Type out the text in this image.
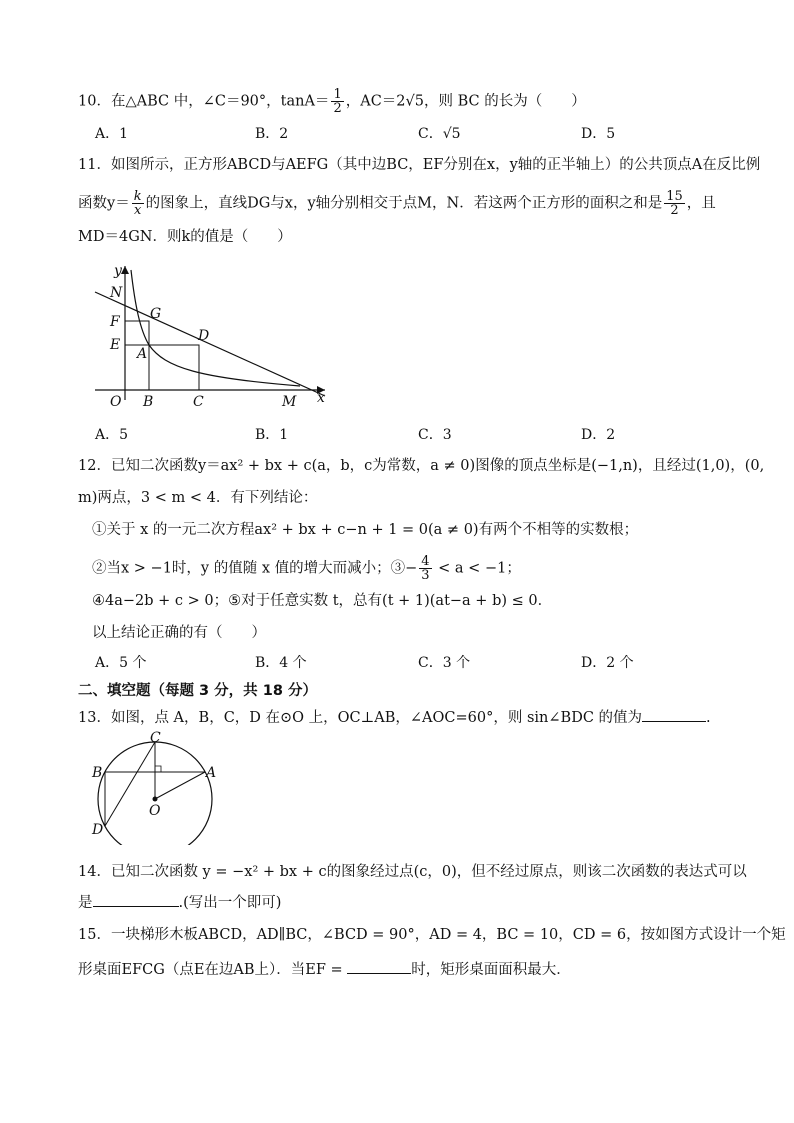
10．在△ABC 中，∠C＝90°，$\tan A= \frac{1}{2}$ ，AC＝2√5，则 BC 的长为（　　）
A．1	B．2	C．√5	D．5
11．如图所示，正方形ABCD与AEFG（其中边BC，EF分别在x，y轴的正半轴上）的公共顶点A在反比例
函数$y= \frac{k}{x}$ 的图象上，直线DG与x，y轴分别相交于点M，N．若这两个正方形的面积之和是 $\frac{15}{2}$ ，且
MD＝4GN．则k的值是（　　）
y
N
G
F
D
E
A
O B	C	M x
A．5	B．1	C．3	D．2
12．已知二次函数y＝ax² + bx + c(a，b，c为常数，a ≠ 0)图像的顶点坐标是(−1,n)，且经过(1,0)，(0,
m)两点，3 < m < 4．有下列结论：
①关于 x 的一元二次方程ax² + bx + c−n + 1 = 0(a ≠ 0)有两个不相等的实数根；
②当x > −1时，y 的值随 x 值的增大而减小；③− $\frac{4}{3} < a < -1$；
④4a−2b + c > 0；⑤对于任意实数 t，总有(t + 1)(at−a + b) ≤ 0．
以上结论正确的有（　　）
A．5 个	B．4 个	C．3 个	D．2 个
二、填空题（每题 3 分，共 18 分）
13．如图，点 A，B，C，D 在⊙O 上，OC⊥AB，∠AOC=60°，则 sin∠BDC 的值为	.
C
B	A
O
D
14．已知二次函数 y = −x² + bx + c的图象经过点(c，0)，但不经过原点，则该二次函数的表达式可以
是	.(写出一个即可)
15．一块梯形木板ABCD，AD∥BC，∠BCD = 90°，AD = 4，BC = 10，CD = 6，按如图方式设计一个矩
形桌面EFCG（点E在边AB上）．当EF =	时，矩形桌面面积最大．
